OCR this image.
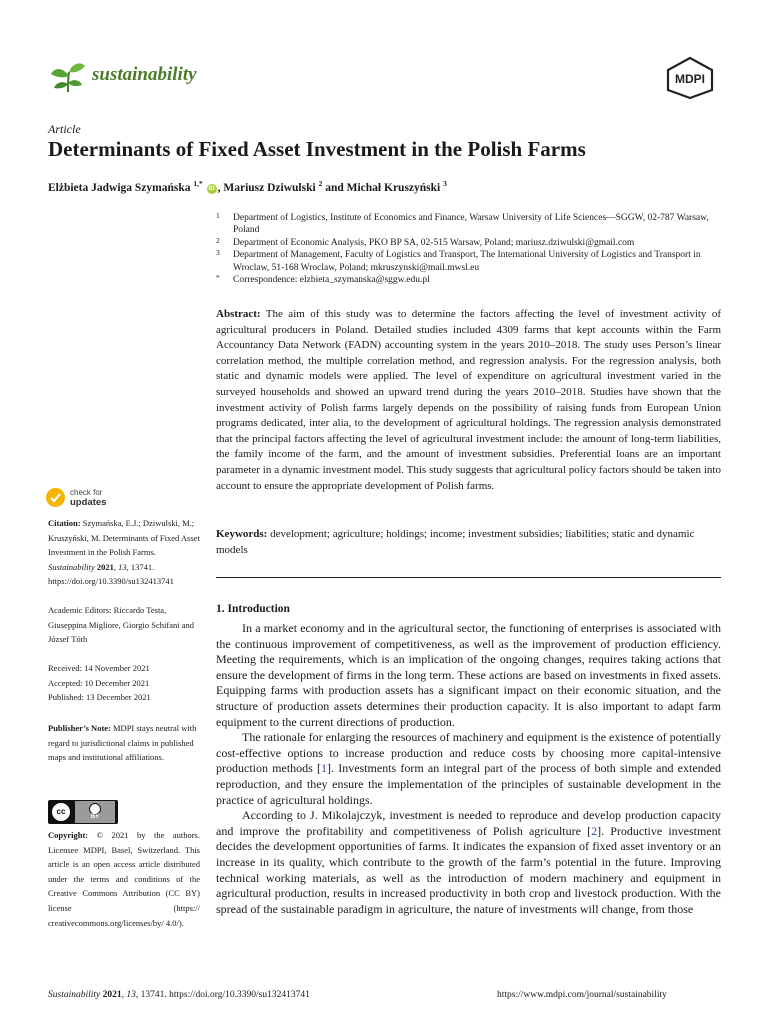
sustainability	MDPI
Article
Determinants of Fixed Asset Investment in the Polish Farms
Elżbieta Jadwiga Szymańska $^{1,*}$ iD , Mariusz Dziwulski $^2$ and Michał Kruszyński $^3$
1 Department of Logistics, Institute of Economics and Finance, Warsaw University of Life Sciences—SGGW, 02-787 Warsaw, Poland
2 Department of Economic Analysis, PKO BP SA, 02-515 Warsaw, Poland; mariusz.dziwulski@gmail.com
3 Department of Management, Faculty of Logistics and Transport, The International University of Logistics and Transport in Wroclaw, 51-168 Wroclaw, Poland; mkruszynski@mail.mwsl.eu
* Correspondence: elzbieta_szymanska@sggw.edu.pl
Abstract: The aim of this study was to determine the factors affecting the level of investment activity of agricultural producers in Poland. Detailed studies included 4309 farms that kept accounts within the Farm Accountancy Data Network (FADN) accounting system in the years 2010–2018. The study uses Person’s linear correlation method, the multiple correlation method, and regression analysis. For the regression analysis, both static and dynamic models were applied. The level of expenditure on agricultural investment varied in the surveyed households and showed an upward trend during the years 2010–2018. Studies have shown that the investment activity of Polish farms largely depends on the possibility of raising funds from European Union programs dedicated, inter alia, to the development of agricultural holdings. The regression analysis demonstrated that the principal factors affecting the level of agricultural investment include: the amount of long-term liabilities, the family income of the farm, and the amount of investment subsidies. Preferential loans are an important parameter in a dynamic investment model. This study suggests that agricultural policy factors should be taken into account to ensure the appropriate development of Polish farms.
Keywords: development; agriculture; holdings; income; investment subsidies; liabilities; static and dynamic models
check for
updates
Citation: Szymańska, E.J.; Dziwulski, M.; Kruszyński, M. Determinants of Fixed Asset Investment in the Polish Farms. Sustainability 2021, 13, 13741. https://doi.org/10.3390/su132413741
Academic Editors: Riccardo Testa, Giuseppina Migliore, Giorgio Schifani and József Tóth
Received: 14 November 2021
Accepted: 10 December 2021
Published: 13 December 2021
Publisher’s Note: MDPI stays neutral with regard to jurisdictional claims in published maps and institutional affiliations.
cc
BY
Copyright: © 2021 by the authors. Licensee MDPI, Basel, Switzerland. This article is an open access article distributed under the terms and conditions of the Creative Commons Attribution (CC BY) license (https:// creativecommons.org/licenses/by/ 4.0/).
1. Introduction

In a market economy and in the agricultural sector, the functioning of enterprises is associated with the continuous improvement of competitiveness, as well as the improvement of production efficiency. Meeting the requirements, which is an implication of the ongoing changes, requires taking actions that ensure the development of firms in the long term. These actions are based on investments in fixed assets. Equipping farms with production assets has a significant impact on their economic situation, and the structure of production assets determines their production capacity. It is also important to adapt farm equipment to the current directions of production.

The rationale for enlarging the resources of machinery and equipment is the existence of potentially cost-effective options to increase production and reduce costs by choosing more capital-intensive production methods [1]. Investments form an integral part of the process of both simple and extended reproduction, and they ensure the implementation of the principles of sustainable development in the practice of agricultural holdings.

According to J. Mikolajczyk, investment is needed to reproduce and develop production capacity and improve the profitability and competitiveness of Polish agriculture [2]. Productive investment decides the development opportunities of farms. It indicates the expansion of fixed asset inventory or an increase in its quality, which contribute to the growth of the farm’s potential in the future. Improving technical working materials, as well as the introduction of modern machinery and equipment in agricultural production, results in increased productivity in both crop and livestock production. With the spread of the sustainable paradigm in agriculture, the nature of investments will change, from those

Sustainability 2021, 13, 13741. https://doi.org/10.3390/su132413741	https://www.mdpi.com/journal/sustainability
